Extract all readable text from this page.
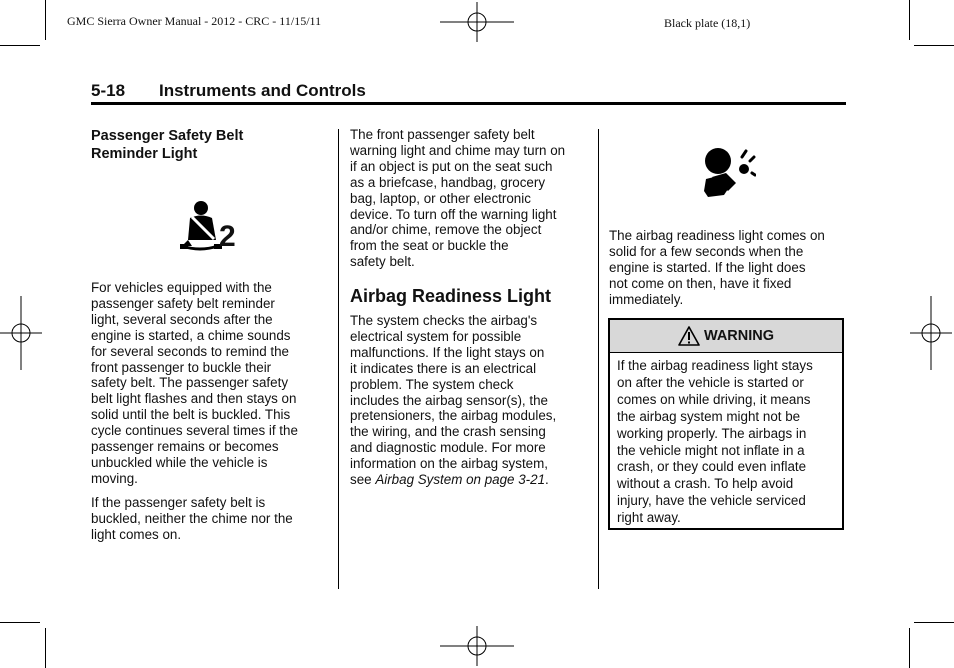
GMC Sierra Owner Manual - 2012 - CRC - 11/15/11	Black plate (18,1)
5-18 Instruments and Controls
Passenger Safety Belt
Reminder Light
2

For vehicles equipped with the
passenger safety belt reminder
light, several seconds after the
engine is started, a chime sounds
for several seconds to remind the
front passenger to buckle their
safety belt. The passenger safety
belt light flashes and then stays on
solid until the belt is buckled. This
cycle continues several times if the
passenger remains or becomes
unbuckled while the vehicle is
moving.

If the passenger safety belt is
buckled, neither the chime nor the
light comes on.

The front passenger safety belt
warning light and chime may turn on
if an object is put on the seat such
as a briefcase, handbag, grocery
bag, laptop, or other electronic
device. To turn off the warning light
and/or chime, remove the object
from the seat or buckle the
safety belt.

Airbag Readiness Light

The system checks the airbag's
electrical system for possible
malfunctions. If the light stays on
it indicates there is an electrical
problem. The system check
includes the airbag sensor(s), the
pretensioners, the airbag modules,
the wiring, and the crash sensing
and diagnostic module. For more
information on the airbag system,
see Airbag System on page 3-21.

The airbag readiness light comes on
solid for a few seconds when the
engine is started. If the light does
not come on then, have it fixed
immediately.

WARNING
If the airbag readiness light stays
on after the vehicle is started or
comes on while driving, it means
the airbag system might not be
working properly. The airbags in
the vehicle might not inflate in a
crash, or they could even inflate
without a crash. To help avoid
injury, have the vehicle serviced
right away.
